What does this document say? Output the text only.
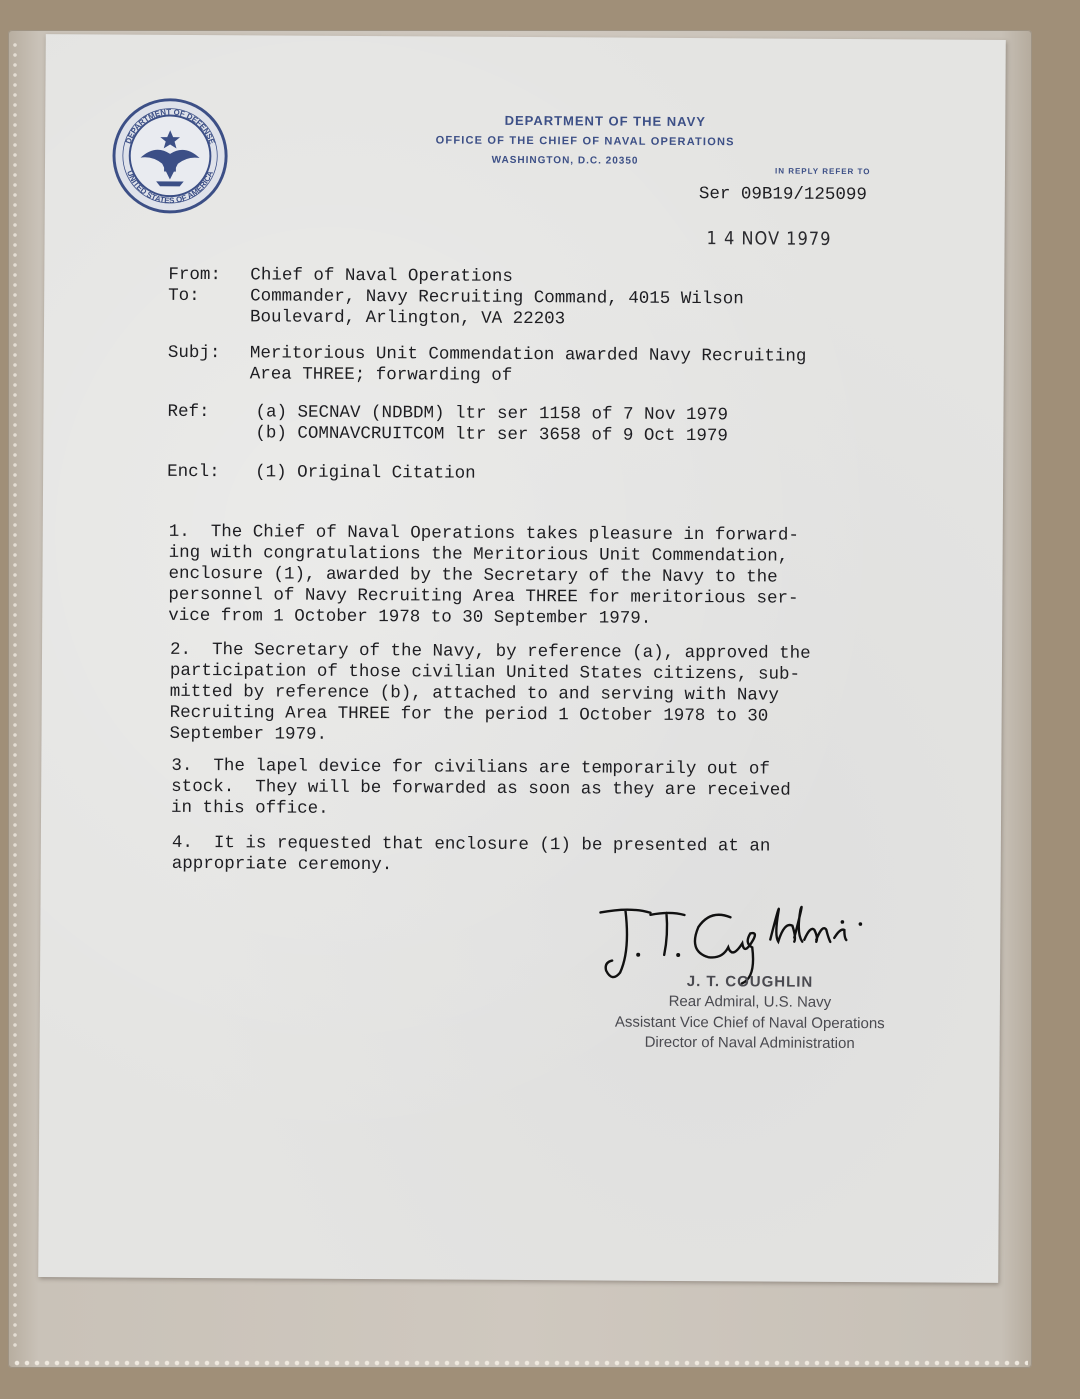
DEPARTMENT OF DEFENSE
UNITED STATES OF AMERICA
DEPARTMENT OF THE NAVY
OFFICE OF THE CHIEF OF NAVAL OPERATIONS
WASHINGTON, D.C. 20350
IN REPLY REFER TO
Ser 09B19/125099
1 4 NOV 1979
From: Chief of Naval Operations
To:	Commander, Navy Recruiting Command, 4015 Wilson
Boulevard, Arlington, VA 22203
Subj: Meritorious Unit Commendation awarded Navy Recruiting
Area THREE; forwarding of
Ref:	(a) SECNAV (NDBDM) ltr ser 1158 of 7 Nov 1979
(b) COMNAVCRUITCOM ltr ser 3658 of 9 Oct 1979
Encl: (1) Original Citation

1.  The Chief of Naval Operations takes pleasure in forward-
ing with congratulations the Meritorious Unit Commendation,
enclosure (1), awarded by the Secretary of the Navy to the
personnel of Navy Recruiting Area THREE for meritorious ser-
vice from 1 October 1978 to 30 September 1979.

2.  The Secretary of the Navy, by reference (a), approved the
participation of those civilian United States citizens, sub-
mitted by reference (b), attached to and serving with Navy
Recruiting Area THREE for the period 1 October 1978 to 30
September 1979.

3.  The lapel device for civilians are temporarily out of
stock.  They will be forwarded as soon as they are received
in this office.

4.  It is requested that enclosure (1) be presented at an
appropriate ceremony.
J. T. COUGHLIN
Rear Admiral, U.S. Navy
Assistant Vice Chief of Naval Operations
Director of Naval Administration
